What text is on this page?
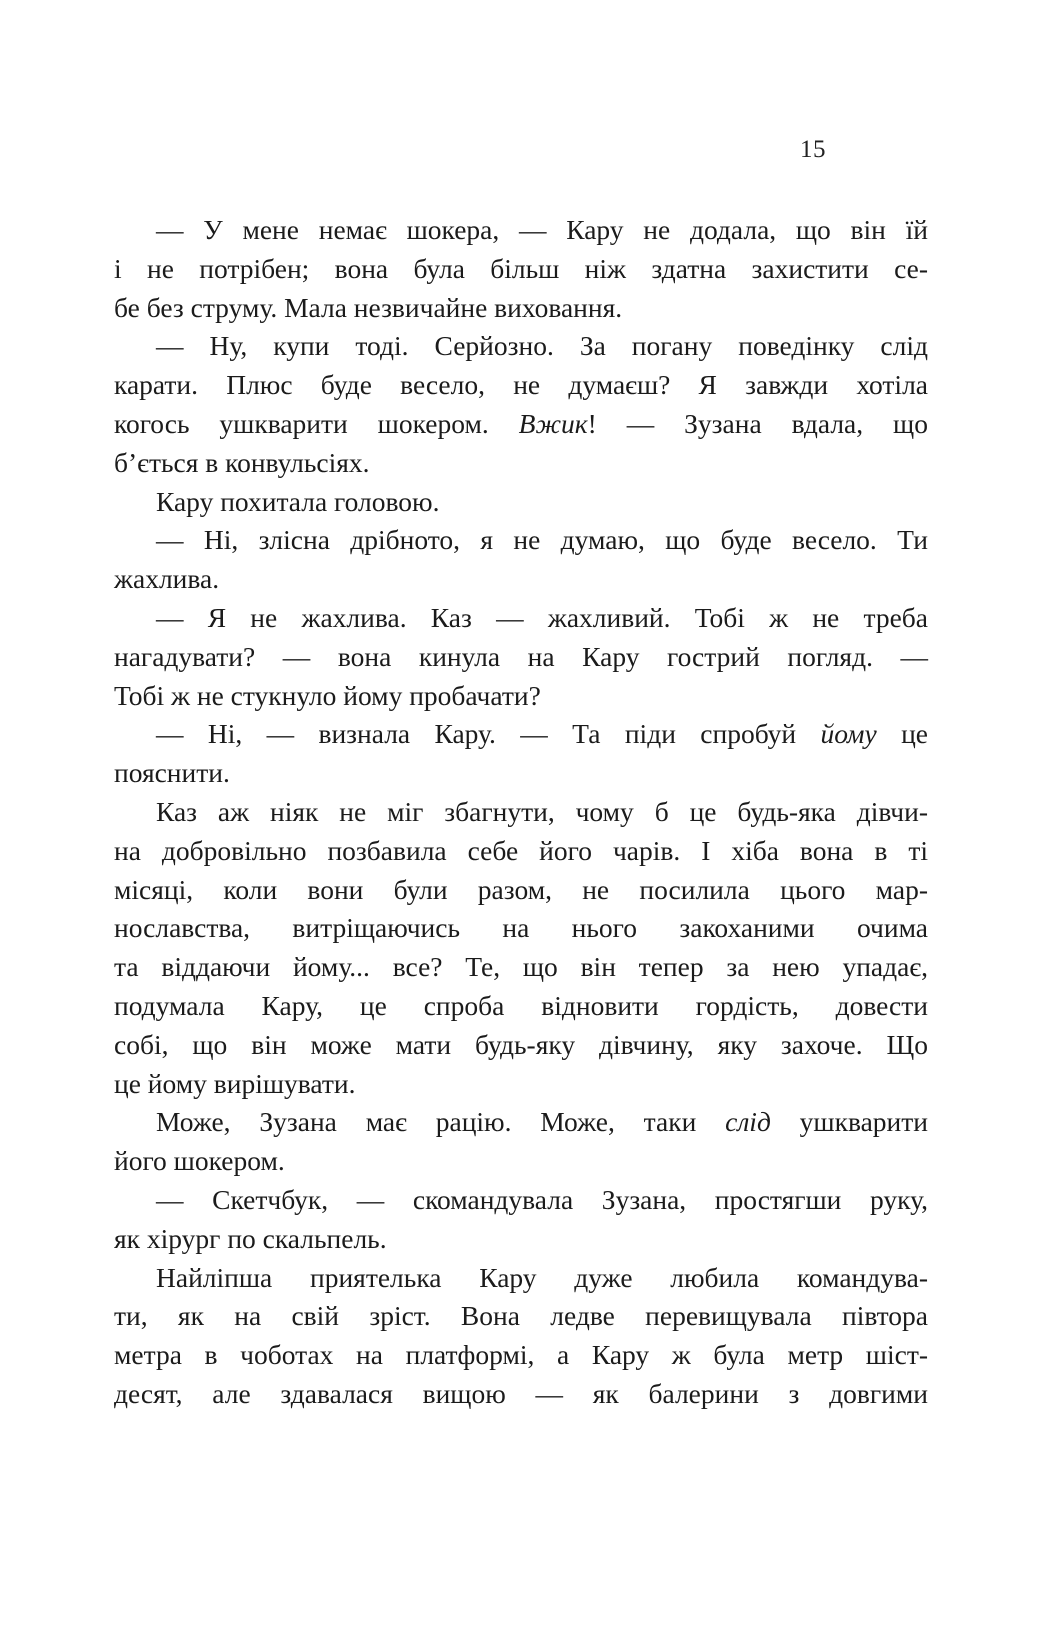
15
— У мене немає шокера, — Кару не додала, що він їй
і не потрібен; вона була більш ніж здатна захистити се-
бе без струму. Мала незвичайне виховання.
— Ну, купи тоді. Серйозно. За погану поведінку слід
карати. Плюс буде весело, не думаєш? Я завжди хотіла
когось ушкварити шокером. Вжик! — Зузана вдала, що
б’ється в конвульсіях.
Кару похитала головою.
— Ні, злісна дрібното, я не думаю, що буде весело. Ти
жахлива.
— Я не жахлива. Каз — жахливий. Тобі ж не треба
нагадувати? — вона кинула на Кару гострий погляд. —
Тобі ж не стукнуло йому пробачати?
— Ні, — визнала Кару. — Та піди спробуй йому це
пояснити.
Каз аж ніяк не міг збагнути, чому б це будь-яка дівчи-
на добровільно позбавила себе його чарів. І хіба вона в ті
місяці, коли вони були разом, не посилила цього мар-
нославства, витріщаючись на нього закоханими очима
та віддаючи йому... все? Те, що він тепер за нею упадає,
подумала Кару, це спроба відновити гордість, довести
собі, що він може мати будь-яку дівчину, яку захоче. Що
це йому вирішувати.
Може, Зузана має рацію. Може, таки слід ушкварити
його шокером.
— Скетчбук, — скомандувала Зузана, простягши руку,
як хірург по скальпель.
Найліпша приятелька Кару дуже любила командува-
ти, як на свій зріст. Вона ледве перевищувала півтора
метра в чоботах на платформі, а Кару ж була метр шіст-
десят, але здавалася вищою — як балерини з довгими
